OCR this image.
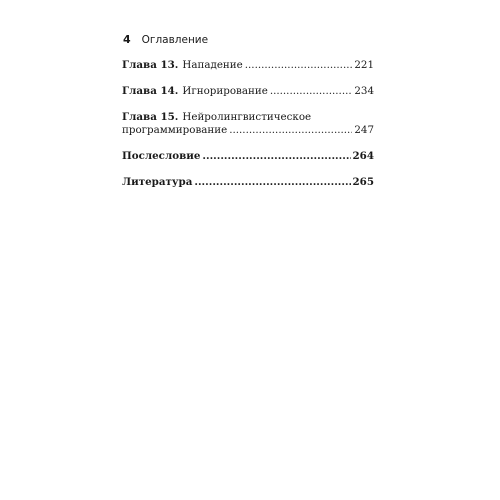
4 Оглавление
Глава 13. Нападение .....	221
Глава 14. Игнорирование .....	234
Глава 15. Нейролингвистическое
программирование .....	247
Послесловие .....	264
Литература .....	265
